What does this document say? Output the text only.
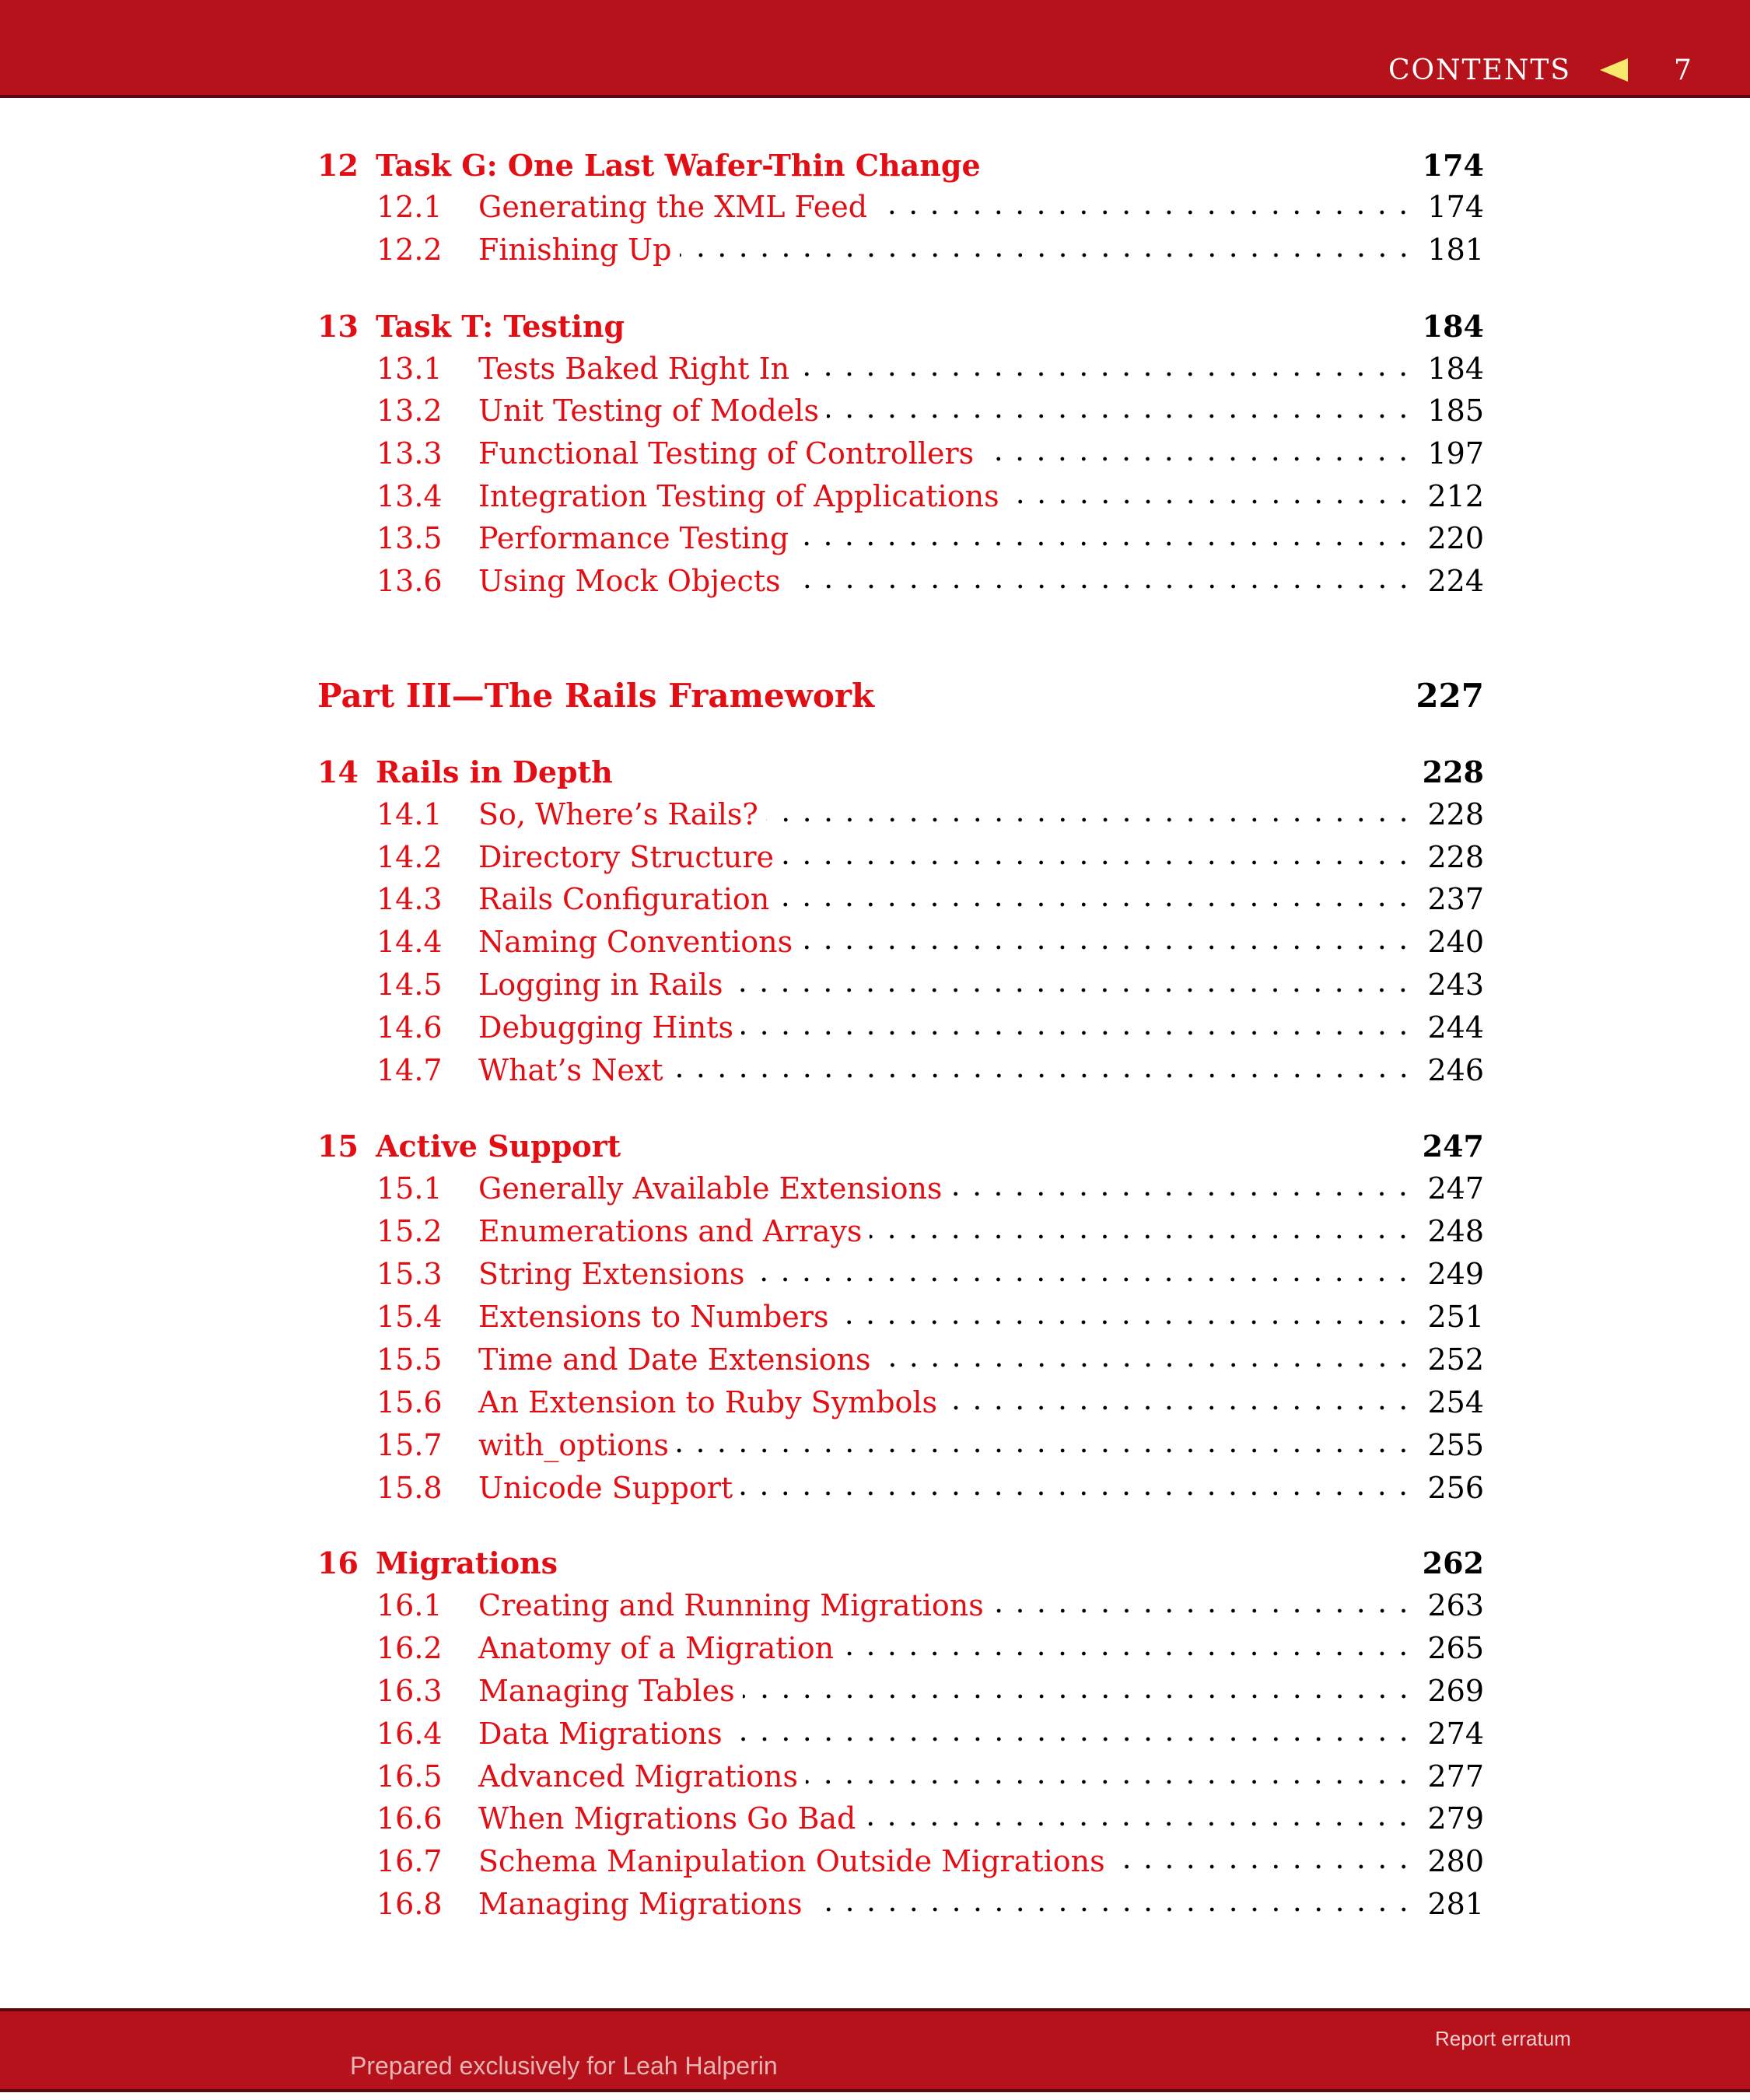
CONTENTS	7
12 Task G: One Last Wafer-Thin Change	174
12.1	Generating the XML Feed	174
12.2	Finishing Up	181
13 Task T: Testing	184
13.1	Tests Baked Right In	184
13.2	Unit Testing of Models	185
13.3	Functional Testing of Controllers	197
13.4	Integration Testing of Applications	212
13.5	Performance Testing	220
13.6	Using Mock Objects	224
Part III—The Rails Framework	227
14 Rails in Depth	228
14.1	So, Where’s Rails?	228
14.2	Directory Structure	228
14.3	Rails Configuration	237
14.4	Naming Conventions	240
14.5	Logging in Rails	243
14.6	Debugging Hints	244
14.7	What’s Next	246
15 Active Support	247
15.1	Generally Available Extensions	247
15.2	Enumerations and Arrays	248
15.3	String Extensions	249
15.4	Extensions to Numbers	251
15.5	Time and Date Extensions	252
15.6	An Extension to Ruby Symbols	254
15.7	with_options	255
15.8	Unicode Support	256
16 Migrations	262
16.1	Creating and Running Migrations	263
16.2	Anatomy of a Migration	265
16.3	Managing Tables	269
16.4	Data Migrations	274
16.5	Advanced Migrations	277
16.6	When Migrations Go Bad	279
16.7	Schema Manipulation Outside Migrations	280
16.8	Managing Migrations	281
Prepared exclusively for Leah Halperin
Report erratum
